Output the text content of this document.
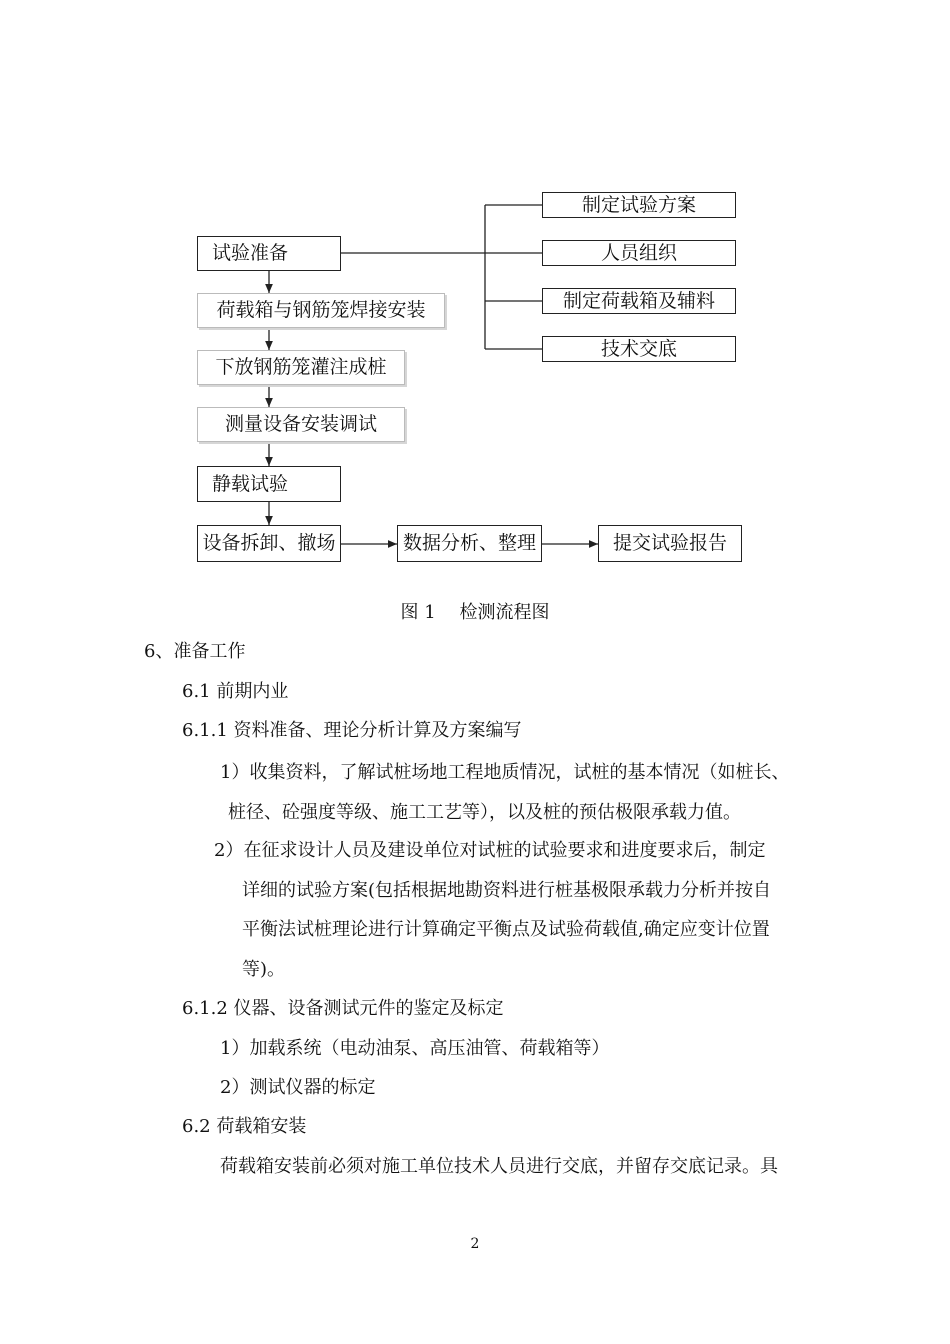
试验准备
荷载箱与钢筋笼焊接安装
下放钢筋笼灌注成桩
测量设备安装调试
静载试验
设备拆卸、撤场	数据分析、整理	提交试验报告
制定试验方案
人员组织
制定荷载箱及辅料
技术交底
图 1　 检测流程图
6、准备工作
6.1 前期内业
6.1.1 资料准备、理论分析计算及方案编写
1）收集资料，了解试桩场地工程地质情况，试桩的基本情况（如桩长、
桩径、砼强度等级、施工工艺等），以及桩的预估极限承载力值。
2）在征求设计人员及建设单位对试桩的试验要求和进度要求后，制定
详细的试验方案(包括根据地勘资料进行桩基极限承载力分析并按自
平衡法试桩理论进行计算确定平衡点及试验荷载值,确定应变计位置
等)。
6.1.2 仪器、设备测试元件的鉴定及标定
1）加载系统（电动油泵、高压油管、荷载箱等）
2）测试仪器的标定
6.2 荷载箱安装
荷载箱安装前必须对施工单位技术人员进行交底，并留存交底记录。具
2
